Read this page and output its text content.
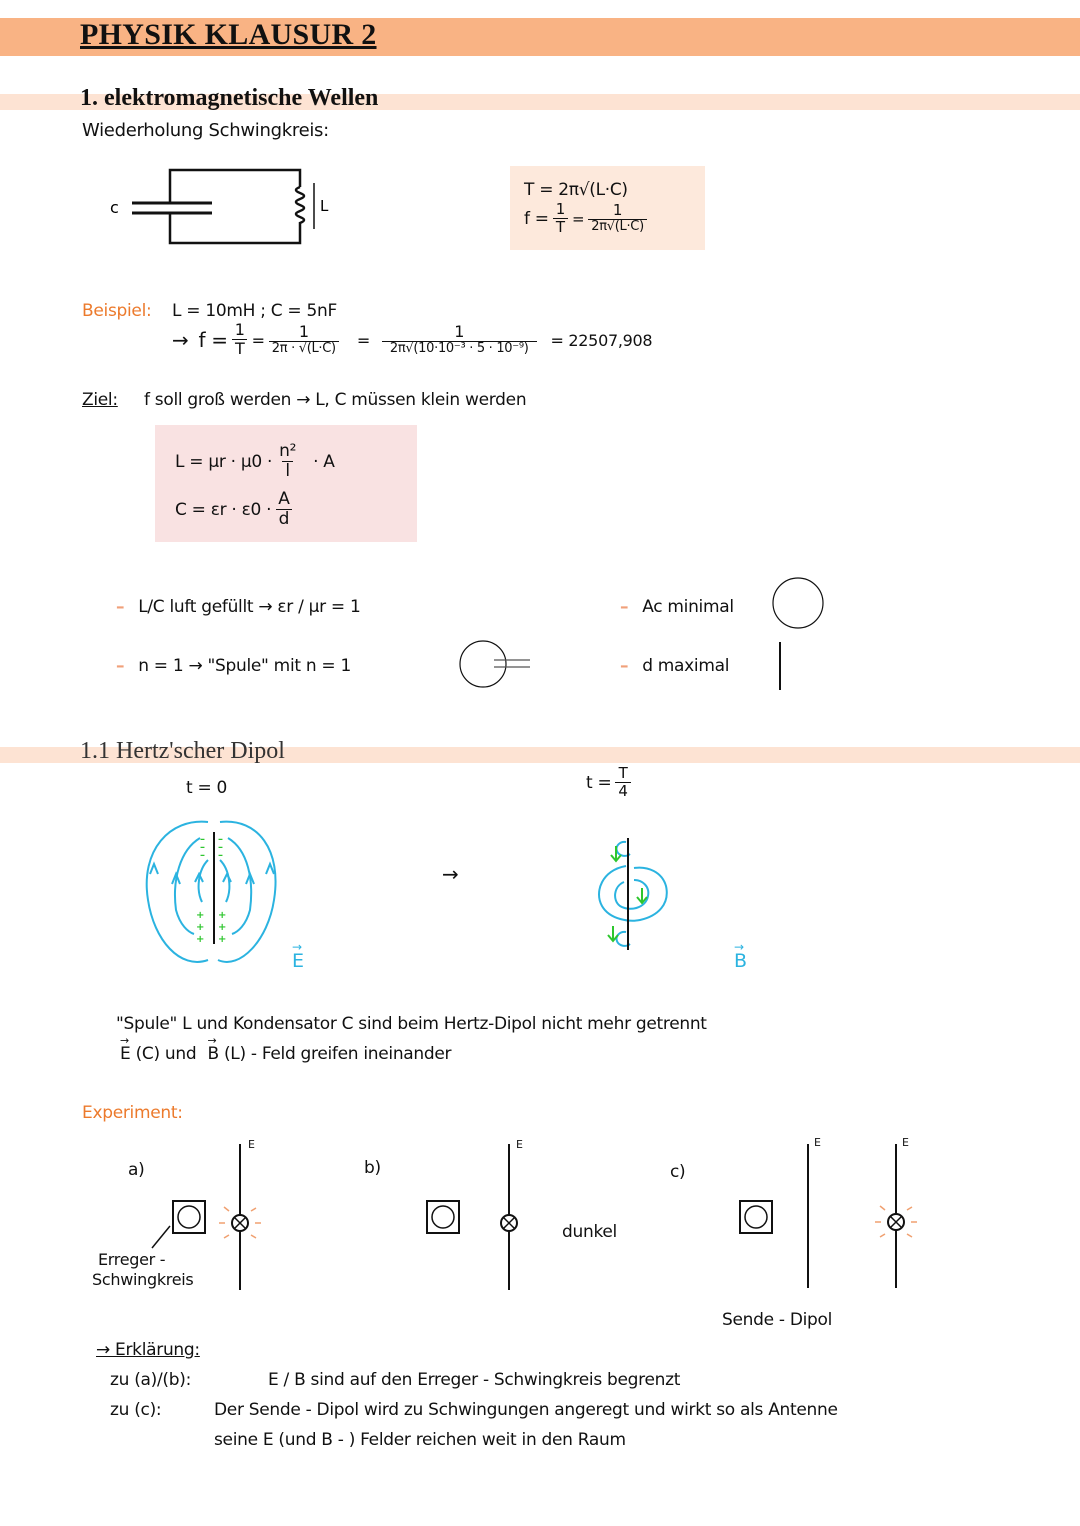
PHYSIK KLAUSUR 2
1. elektromagnetische Wellen
Wiederholung Schwingkreis:
c	L
T = 2π√(L·C)
$f = \frac{1}{T} = \frac{1}{2\pi√(L\cdot C)}$
Beispiel: L = 10mH ; C = 5nF
→ $f = \frac{1}{T} = \frac{1}{2\pi \cdot √(L\cdot C)} = \frac{1}{\text{2π√(10·10⁻³ · 5 · 10⁻⁹)}} = 22507,908$
Ziel: f soll groß werden → L, C müssen klein werden
$L = \mu r \cdot \mu 0 \cdot \frac{\text{n²}}{l} \cdot A$
$C = \varepsilon r \cdot \varepsilon 0 \cdot \frac{A}{d}$
– L/C luft gefüllt → εr / μr = 1
– n = 1 → "Spule" mit n = 1
– Ac minimal
– d maximal
1.1 Hertz'scher Dipol
t = 0	$t = \frac{T}{4}$
– –
– –
– –
+ +
+ +
+ +
→
E
→
→
B
"Spule" L und Kondensator C sind beim Hertz-Dipol nicht mehr getrennt
→
E (C) und
→
B (L) - Feld greifen ineinander
Experiment:
a)	b)	c)
E
Erreger -
Schwingkreis
E
dunkel
E	E
Sende - Dipol
→ Erklärung:
zu (a)/(b):	E / B sind auf den Erreger - Schwingkreis begrenzt
zu (c):	Der Sende - Dipol wird zu Schwingungen angeregt und wirkt so als Antenne
seine E (und B - ) Felder reichen weit in den Raum
